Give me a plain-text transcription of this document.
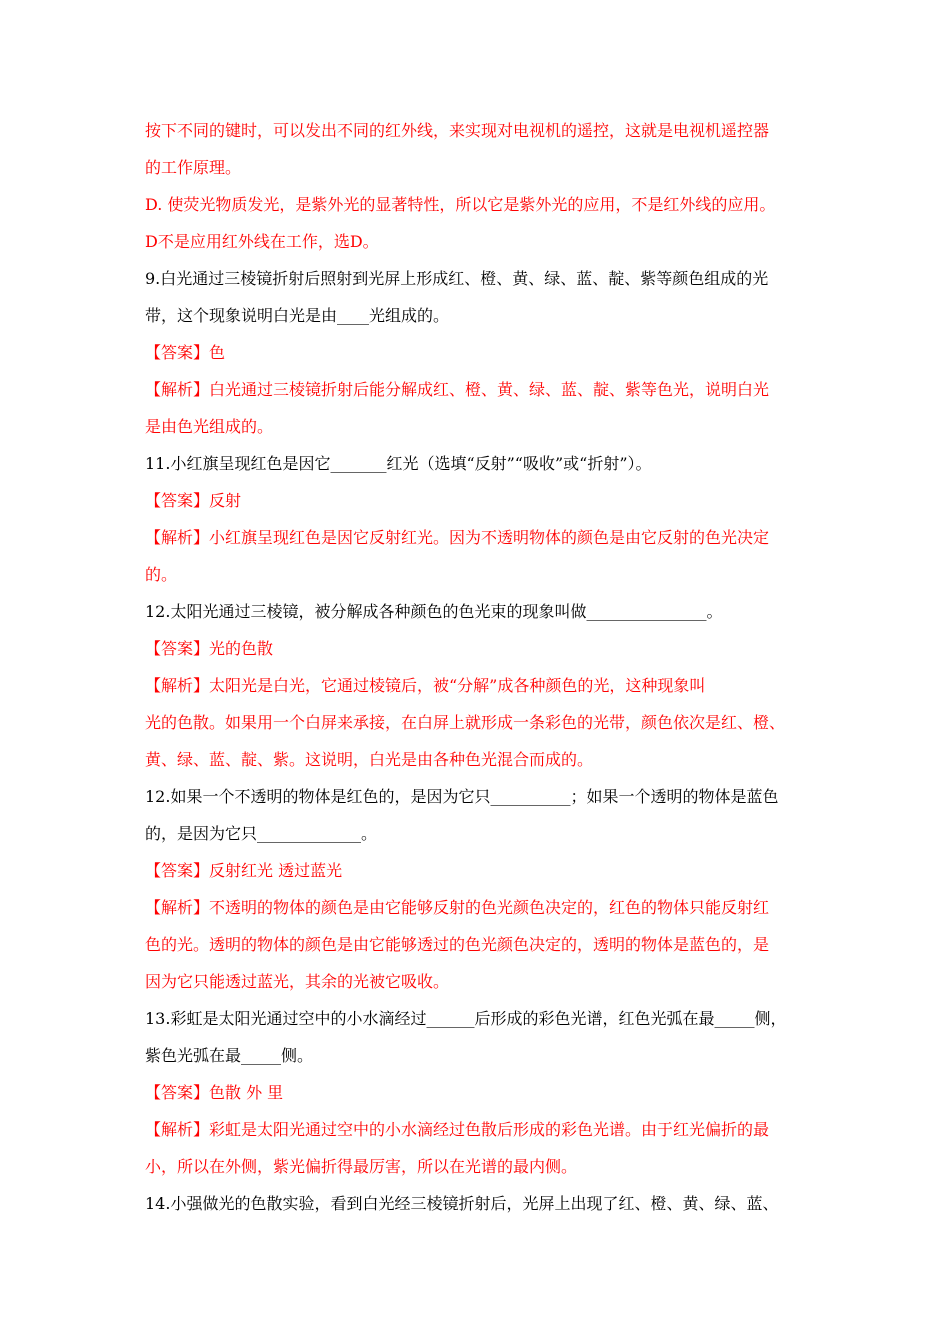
按下不同的键时，可以发出不同的红外线，来实现对电视机的遥控，这就是电视机遥控器
的工作原理。
D. 使荧光物质发光，是紫外光的显著特性，所以它是紫外光的应用，不是红外线的应用。
D不是应用红外线在工作，选D。
9.白光通过三棱镜折射后照射到光屏上形成红、橙、黄、绿、蓝、靛、紫等颜色组成的光
带，这个现象说明白光是由____光组成的。
【答案】色
【解析】白光通过三棱镜折射后能分解成红、橙、黄、绿、蓝、靛、紫等色光，说明白光
是由色光组成的。
11.小红旗呈现红色是因它_______红光（选填“反射”“吸收”或“折射”）。
【答案】反射
【解析】小红旗呈现红色是因它反射红光。因为不透明物体的颜色是由它反射的色光决定
的。
12.太阳光通过三棱镜，被分解成各种颜色的色光束的现象叫做_______________。
【答案】光的色散
【解析】太阳光是白光，它通过棱镜后，被“分解”成各种颜色的光，这种现象叫
光的色散。如果用一个白屏来承接，在白屏上就形成一条彩色的光带，颜色依次是红、橙、
黄、绿、蓝、靛、紫。这说明，白光是由各种色光混合而成的。
12.如果一个不透明的物体是红色的，是因为它只__________；如果一个透明的物体是蓝色
的，是因为它只_____________。
【答案】反射红光 透过蓝光
【解析】不透明的物体的颜色是由它能够反射的色光颜色决定的，红色的物体只能反射红
色的光。透明的物体的颜色是由它能够透过的色光颜色决定的，透明的物体是蓝色的，是
因为它只能透过蓝光，其余的光被它吸收。
13.彩虹是太阳光通过空中的小水滴经过______后形成的彩色光谱，红色光弧在最_____侧，
紫色光弧在最_____侧。
【答案】色散 外 里
【解析】彩虹是太阳光通过空中的小水滴经过色散后形成的彩色光谱。由于红光偏折的最
小，所以在外侧，紫光偏折得最厉害，所以在光谱的最内侧。
14.小强做光的色散实验，看到白光经三棱镜折射后，光屏上出现了红、橙、黄、绿、蓝、
